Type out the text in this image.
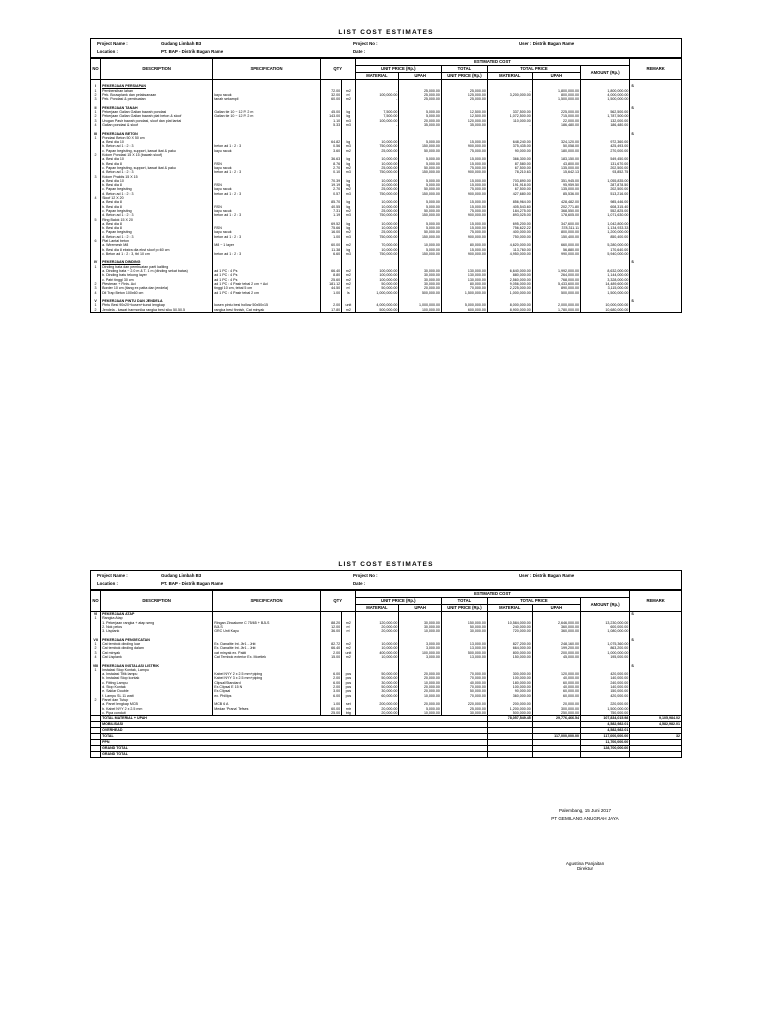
LIST COST ESTIMATES
Project Name :	Gudang Limbah B3
Location :	PT. BAP - Distrik Bagan Rame
Project No :
Date :
User : Distrik Bagan Rame
NO	DESCRIPTION	SPECIFICATION	QTY		ESTIMATED COST						REMARK
					UNIT PRICE (Rp.)		TOTAL	TOTAL PRICE		AMOUNT (Rp.)	
					MATERIAL	UPAH	UNIT PRICE (Rp.)	MATERIAL	UPAH		

I	PEKERJAAN PERSIAPAN										S
1	Pembersihan lahan		72.00	m2	-	25,000.00	25,000.00	-	1,800,000.00	1,800,000.00	
2	Pek. Bouwplank dan pelaksanaan	kayu racuk	32.00	m'	100,000.00	25,000.00	125,000.00	3,200,000.00	800,000.00	4,000,000.00	
3	Pek. Pondasi & pembuatan	tanah sekampil	60.00	m2	-	25,000.00	25,000.00	-	1,500,000.00	1,500,000.00	

II	PEKERJAAN TANAH										S
1	Pekerjaan Galian Galian bawah pondasi	Galian tie 10 ~ 12 P. 2 m	45.00	kg	7,500.00	5,000.00	12,500.00	337,500.00	225,000.00	562,500.00	
2	Pekerjaan Galian Galian bawah plat beton & sloof	Galian tie 10 ~ 12 P. 2 m	143.00	kg	7,500.00	5,000.00	12,500.00	1,072,500.00	715,000.00	1,787,500.00	
3	Urugan Pasir bawah pondasi, sloof dan plat lantai		1.10	m3	100,000.00	20,000.00	120,000.00	110,000.00	22,000.00	132,000.00	
4	Galian pondasi & sloof		5.33	m3	-	35,000.00	35,000.00	-	186,480.00	186,480.00	

III	PEKERJAAN BETON										S
1	Pondasi Beton 50 X 50 cm										
	a. Besi dia 10		64.82	kg	10,000.00	5,000.00	15,000.00	648,240.00	324,120.00	972,360.00	
	b. Beton ad 1 : 2 : 3	beton ad 1 : 2 : 3	0.56	m3	750,000.00	150,000.00	900,000.00	375,435.00	50,058.00	425,493.00	
	c. Papan begisting, support, kawat ikat & paku	kayu racuk	3.60	m2	25,000.00	50,000.00	75,000.00	90,000.00	180,000.00	270,000.00	
2	Kolom Pondasi 15 X 15 (bawah sloof)										
	a. Besi dia 10		36.63	kg	10,000.00	5,000.00	15,000.00	366,300.00	183,150.00	549,450.00	
	b. Besi dia 8	RSN	8.76	kg	10,000.00	5,000.00	15,000.00	87,580.00	43,800.00	131,670.00	
	c. Papan begisting, support, kawat ikat & paku	kayu racuk	2.70	m2	25,000.00	50,000.00	75,000.00	67,500.00	135,000.00	202,500.00	
	d. Beton ad 1 : 2 : 3	beton ad 1 : 2 : 3	0.10	m3	750,000.00	150,000.00	900,000.00	78,210.63	15,642.13	93,852.75	
3	Kolom Praktis 15 X 15										
	a. Besi dia 10		70.39	kg	10,000.00	5,000.00	15,000.00	703,890.00	351,945.00	1,055,835.00	
	b. Besi dia 8	RSN	19.19	kg	10,000.00	5,000.00	15,000.00	191,918.00	95,959.50	287,878.50	
	c. Papan begisting	kayu racuk	2.70	m2	25,000.00	50,000.00	75,000.00	67,500.00	135,000.00	202,500.00	
	d. Beton ad 1 : 2 : 3	beton ad 1 : 2 : 3	0.57	m3	750,000.00	150,000.00	900,000.00	427,680.00	85,536.00	513,216.00	
4	Sloof 12 X 20										
	a. Besi dia 8		85.70	kg	10,000.00	5,000.00	15,000.00	856,964.00	428,482.00	985,446.00	
	b. Besi dia 8	RSN	40.55	kg	10,000.00	5,000.00	15,000.00	405,543.60	202,771.80	608,315.40	
	c. Papan begisting	kayu racuk	7.31	m2	25,000.00	50,000.00	75,000.00	184,275.00	368,550.00	552,825.00	
	d. Beton ad 1 : 2 : 3	beton ad 1 : 2 : 3	1.19	m3	750,000.00	150,000.00	900,000.00	893,025.00	178,605.00	1,071,630.00	
5	Ring Balok 15 X 20										
	a. Besi dia 8		69.52	kg	10,000.00	5,000.00	15,000.00	695,200.00	347,600.00	1,042,800.00	
	b. Besi dia 8	RSN	75.66	kg	10,000.00	5,000.00	15,000.00	756,622.22	378,311.11	1,134,933.33	
	c. Papan begisting	kayu racuk	16.00	m2	25,000.00	50,000.00	75,000.00	400,000.00	800,000.00	1,200,000.00	
	d. Beton ad 1 : 2 : 3	beton ad 1 : 2 : 3	1.00	m3	750,000.00	150,000.00	900,000.00	750,000.00	150,400.00	850,400.00	
6	Plat Lantai beton										
	a. Wiremesh M8	M8 ~ 1 layer	60.00	m2	70,000.00	10,000.00	80,000.00	4,620,000.00	660,000.00	5,280,000.00	
	b. Besi dia 8 ekstra dia ekst sloof p=60 cm		11.38	kg	10,000.00	5,000.00	15,000.00	113,760.00	56,880.00	170,640.00	
	c. Beton ad 1 : 2 : 3, tbl 10 cm	beton ad 1 : 2 : 3	6.60	m3	750,000.00	150,000.00	900,000.00	4,950,000.00	990,000.00	5,940,000.00	

IV	PEKERJAAN DINDING										S
1	Dinding bata dan pembuatan partl kaliling										
	a. Dinding bata ~ 2.0 m & T. 1 m (dinding sekat batas)	ad 1 PC : 4 Ps	66.40	m2	100,000.00	30,000.00	130,000.00	6,640,000.00	1,992,000.00	8,632,000.00	
	b. Dinding batu tekong layer	ad 1 PC : 4 Ps	8.80	m2	100,000.00	30,000.00	130,000.00	880,000.00	264,000.00	1,144,000.00	
	c. Patri tinggi 30 cm	ad 1 PC : 4 Ps	25.60	m2	100,000.00	30,000.00	130,000.00	2,560,000.00	768,000.00	3,328,000.00	
2	Plesteran + Finis. Aci	ad 1 PC : 4 Pasir tebal 2 cm + Aci	181.12	m2	50,000.00	30,000.00	80,000.00	9,056,000.00	5,433,600.00	14,489,600.00	
3	Border 10 cm (tiang ex patta dan jendela)	tinggi 10 cm, tebal 5 cm	44.50	m'	50,000.00	20,000.00	70,000.00	2,225,000.00	890,000.00	3,115,000.00	
4	Dil Trap Beton 100x60 cm	ad 1 PC : 4 Pasir tebal 2 cm	1.00	ls	1,000,000.00	500,000.00	1,500,000.00	1,000,000.00	500,000.00	1,500,000.00	

V	PEKERJAAN PINTU DAN JENDELA										S
1	Pintu Besi 90x20+kusen+kunci lengkap	kusen pintu besi hollow 50x50x15	2.00	unit	4,000,000.00	1,000,000.00	5,000,000.00	8,000,000.00	2,000,000.00	10,000,000.00	
2	Jendela - kawat harmonika rangka besi siku 50.50.5	rangka besi finnish, Cat minyak	17.80	m2	500,000.00	100,000.00	600,000.00	8,900,000.00	1,780,000.00	10,680,000.00	
LIST COST ESTIMATES
Project Name :	Gudang Limbah B3
Location :	PT. BAP - Distrik Bagan Rame
Project No :
Date :
User : Distrik Bagan Rame
NO	DESCRIPTION	SPECIFICATION	QTY		ESTIMATED COST						REMARK
					UNIT PRICE (Rp.)		TOTAL	TOTAL PRICE		AMOUNT (Rp.)	
					MATERIAL	UPAH	UNIT PRICE (Rp.)	MATERIAL	UPAH		
VI	PEKERJAAN ATAP										S
1	Rangka Atap										
	1. Pekerjaan rangka + atap seng	Ringan Zincalume C 75/65 + BJLS	88.20	m2	120,000.00	30,000.00	150,000.00	10,584,000.00	2,646,000.00	13,230,000.00	
	2. Nok pelos	BJLS	12.00	m'	20,000.00	30,000.00	50,000.00	240,000.00	360,000.00	600,000.00	
	3. Lisplank	GRC Unit Kayu	36.00	m'	20,000.00	10,000.00	30,000.00	720,000.00	360,000.00	1,080,000.00	

VII	PEKERJAAN PENGECATAN										S
1	Cat tembok dinding luar	Ex. Danalite Int. Jtr1 - Jrkt	82.72	m2	10,000.00	3,000.00	13,000.00	827,200.00	248,160.00	1,075,360.00	
2	Cat tembok dinding dalam	Ex. Danalite Int. Jtr1 - Jrkt	66.40	m2	10,000.00	3,000.00	13,000.00	664,000.00	199,200.00	863,200.00	
3	Cat minyak	cat minyak ex. Pakti	2.00	unit	400,000.00	100,000.00	500,000.00	800,000.00	200,000.00	1,000,000.00	
4	Cat Lisplank	Cat Tembok exterior Ex. Moetlek	15.00	m2	10,000.00	3,000.00	13,000.00	150,000.00	45,000.00	195,000.00	

VIII	PEKERJAAN INSTALASI LISTRIK										S
1	Instalasi Stop Kontak, Lampu										
	a. Instalasi Titik lampu	Kabel NYY 2 x 2.5 mm+piping	6.00	pcs	50,000.00	20,000.00	70,000.00	300,000.00	120,000.00	420,000.00	
	b. Instalasi Stop kontak	Kabel NYY 3 x 2.5 mm+piping	2.00	pcs	50,000.00	20,000.00	70,000.00	100,000.00	40,000.00	140,000.00	
	c. Fitting Lampu	Clipsal/Standard	6.00	pcs	30,000.00	10,000.00	40,000.00	180,000.00	60,000.00	240,000.00	
	d. Stop Kontak	Ex.Clipsal E 15 N	2.00	pcs	50,000.00	20,000.00	70,000.00	100,000.00	40,000.00	140,000.00	
	e. Saklar Double	Ex.Clipsal	3.00	pcs	30,000.00	20,000.00	50,000.00	90,000.00	60,000.00	150,000.00	
	f. Lampu SL 11 watt	ex. Phillips	6.00	pcs	60,000.00	10,000.00	70,000.00	360,000.00	60,000.00	420,000.00	
2	Panel dan Tutup										
	a. Panel lengkap MCB	MCB 6 A	1.00	set	200,000.00	20,000.00	220,000.00	200,000.00	20,000.00	220,000.00	
	b. Kabel NYY 2 x 2.5 mm	Medan 'Prana' Tefses	60.00	mtr	20,000.00	5,000.00	25,000.00	1,200,000.00	300,000.00	1,500,000.00	
	c. Pipa conduit		25.00	btg	20,000.00	10,000.00	30,000.00	500,000.00	250,000.00	750,000.00	
	TOTAL MATERIAL + UPAH							78,057,549.45	29,776,466.54	107,834,015.98	9,105,984.02
	MOBILISASI									4,582,982.01	4,582,982.01
	OVERHEAD									4,582,982.01	
	TOTAL								117,000,000.00	117,000,000.00	32
	PPN									11,700,000.00	
	GRAND TOTAL									128,700,000.00	
	GRAND TOTAL										
Palembang, 15 Juni 2017
PT GEMILANG ANUGRAH JAYA
Agustina Panjaitan
Direktur
